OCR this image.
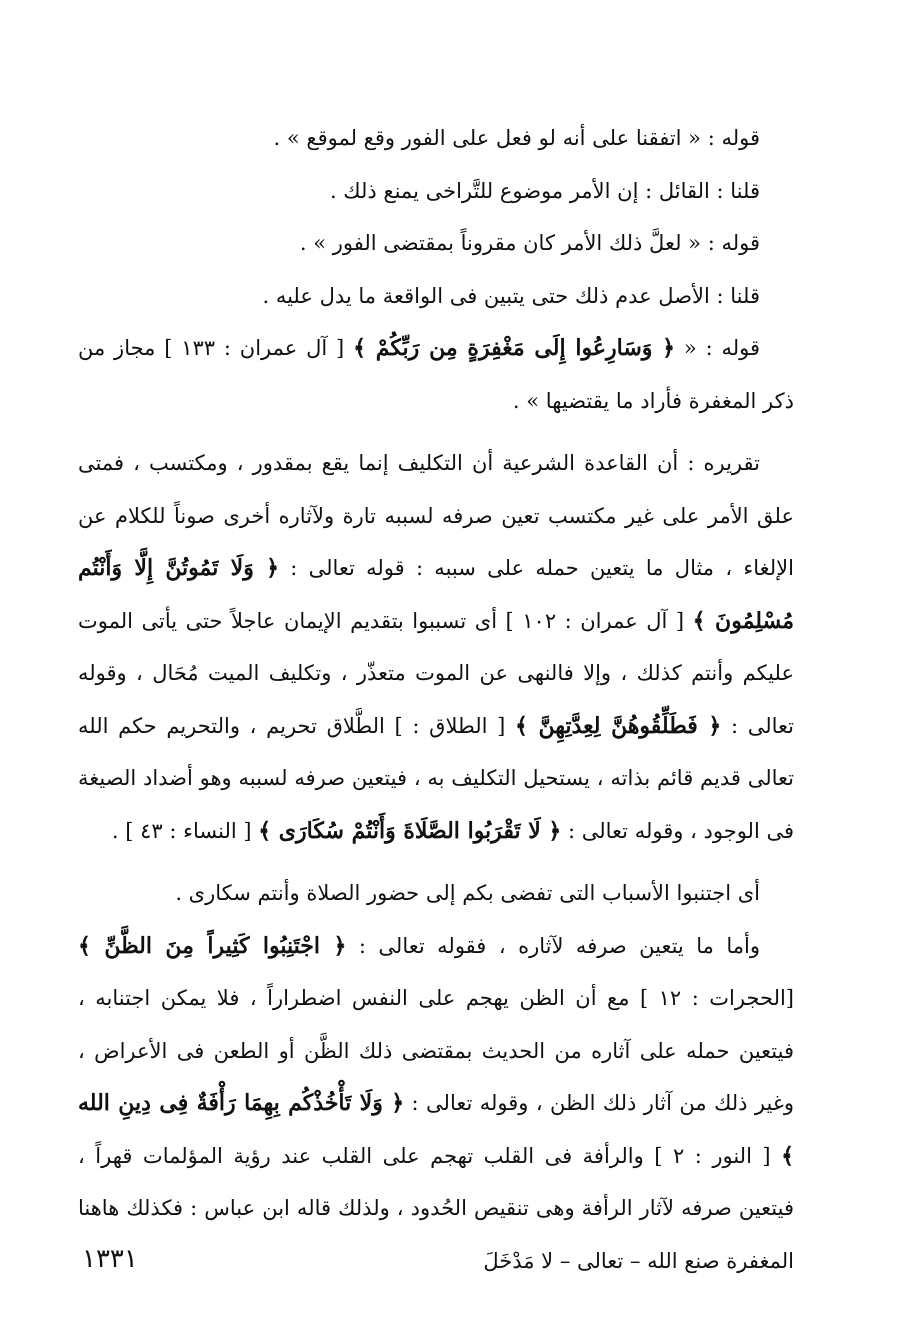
قوله : « اتفقنا على أنه لو فعل على الفور وقع لموقع » .

قلنا : القائل : إن الأمر موضوع للتَّراخى يمنع ذلك .

قوله : « لعلَّ ذلك الأمر كان مقروناً بمقتضى الفور » .

قلنا : الأصل عدم ذلك حتى يتبين فى الواقعة ما يدل عليه .

قوله : « ﴿ وَسَارِعُوا إِلَى مَغْفِرَةٍ مِن رَبِّكُمْ ﴾ [ آل عمران : ١٣٣ ] مجاز من ذكر المغفرة فأراد ما يقتضيها » .

تقريره : أن القاعدة الشرعية أن التكليف إنما يقع بمقدور ، ومكتسب ، فمتى علق الأمر على غير مكتسب تعين صرفه لسببه تارة ولآثاره أخرى صوناً للكلام عن الإلغاء ، مثال ما يتعين حمله على سببه : قوله تعالى : ﴿ وَلَا تَمُوتُنَّ إِلَّا وَأَنْتُم مُسْلِمُونَ ﴾ [ آل عمران : ١٠٢ ] أى تسببوا بتقديم الإيمان عاجلاً حتى يأتى الموت عليكم وأنتم كذلك ، وإلا فالنهى عن الموت متعذّر ، وتكليف الميت مُحَال ، وقوله تعالى : ﴿ فَطَلِّقُوهُنَّ لِعِدَّتِهِنَّ ﴾ [ الطلاق : ] الطَّلاق تحريم ، والتحريم حكم الله تعالى قديم قائم بذاته ، يستحيل التكليف به ، فيتعين صرفه لسببه وهو أضداد الصيغة فى الوجود ، وقوله تعالى : ﴿ لَا تَقْرَبُوا الصَّلَاةَ وَأَنْتُمْ سُكَارَى ﴾ [ النساء : ٤٣ ] .

أى اجتنبوا الأسباب التى تفضى بكم إلى حضور الصلاة وأنتم سكارى .

وأما ما يتعين صرفه لآثاره ، فقوله تعالى : ﴿ اجْتَنِبُوا كَثِيراً مِنَ الظَّنِّ ﴾ [الحجرات : ١٢ ] مع أن الظن يهجم على النفس اضطراراً ، فلا يمكن اجتنابه ، فيتعين حمله على آثاره من الحديث بمقتضى ذلك الظَّن أو الطعن فى الأعراض ، وغير ذلك من آثار ذلك الظن ، وقوله تعالى : ﴿ وَلَا تَأْخُذْكُم بِهِمَا رَأْفَةٌ فِى دِينِ الله ﴾ [ النور : ٢ ] والرأفة فى القلب تهجم على القلب عند رؤية المؤلمات قهراً ، فيتعين صرفه لآثار الرأفة وهى تنقيص الحُدود ، ولذلك قاله ابن عباس : فكذلك هاهنا المغفرة صنع الله – تعالى – لا مَدْخَلَ

١٣٣١
